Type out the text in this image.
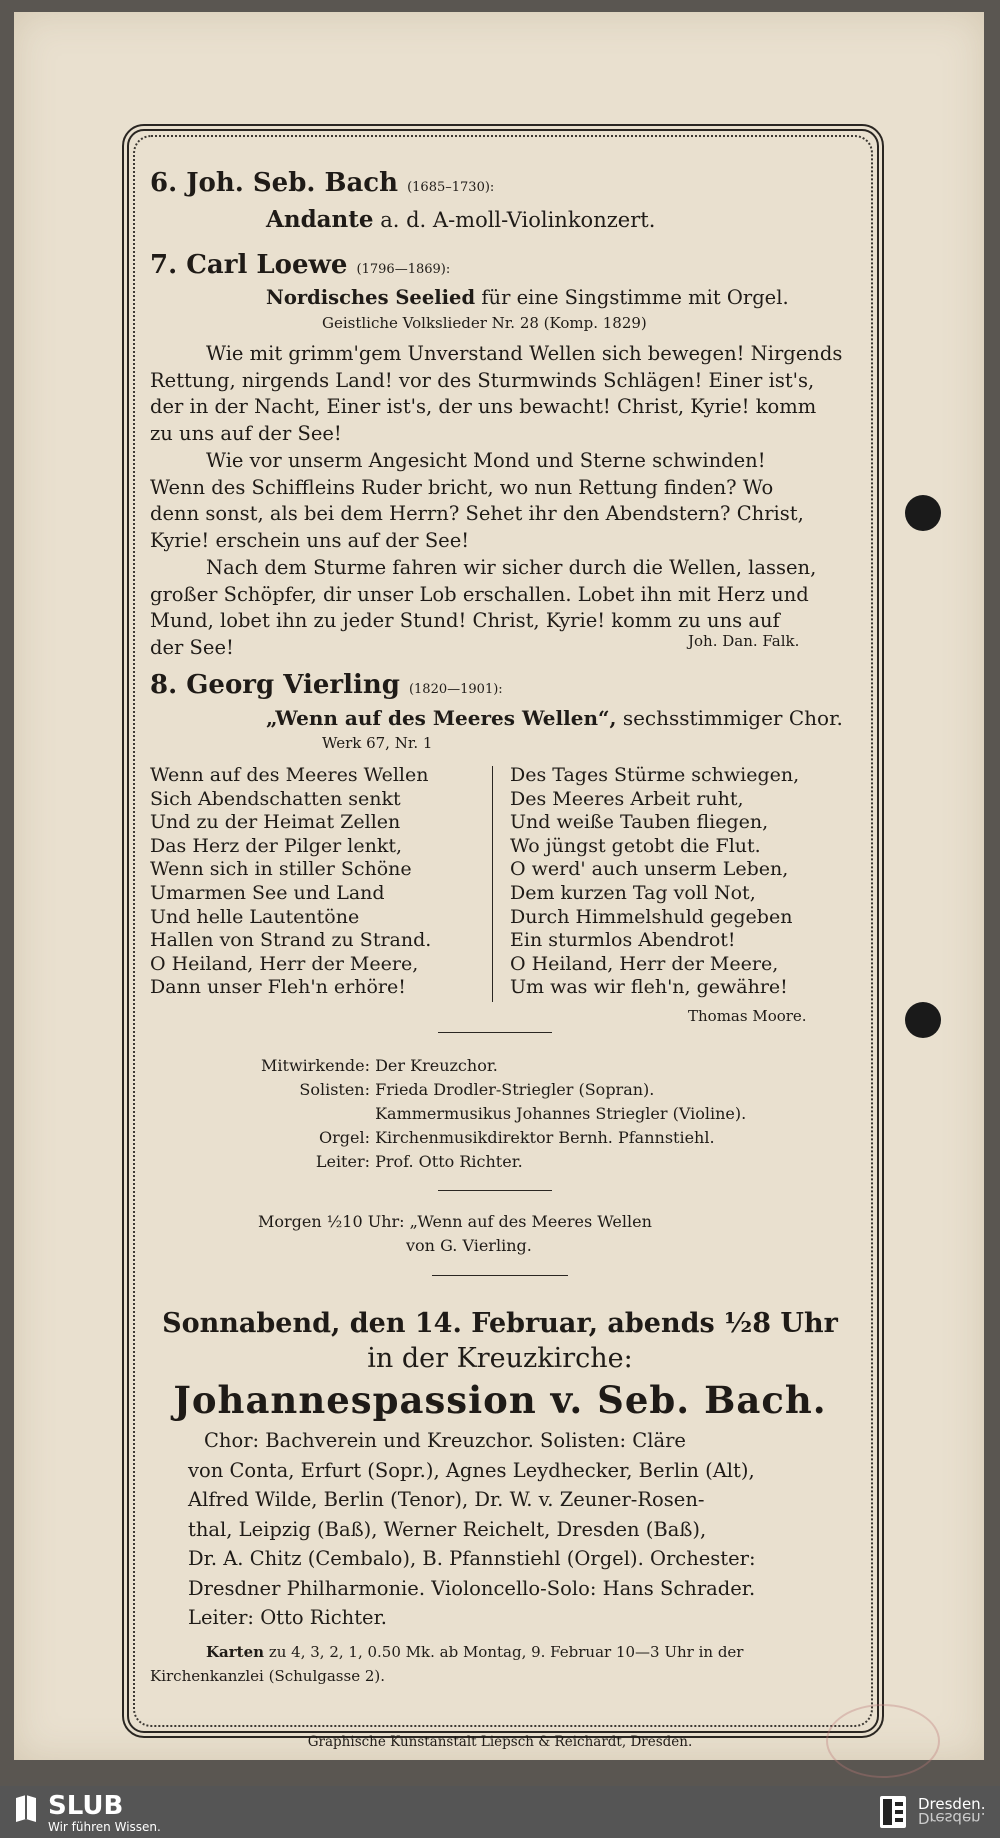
6. Joh. Seb. Bach (1685–1730):
Andante a. d. A-moll-Violinkonzert.
7. Carl Loewe (1796—1869):
Nordisches Seelied für eine Singstimme mit Orgel.
Geistliche Volkslieder Nr. 28 (Komp. 1829)
Wie mit grimm'gem Unverstand Wellen sich bewegen! Nirgends
Rettung, nirgends Land! vor des Sturmwinds Schlägen! Einer ist's,
der in der Nacht, Einer ist's, der uns bewacht! Christ, Kyrie! komm
zu uns auf der See!
Wie vor unserm Angesicht Mond und Sterne schwinden!
Wenn des Schiffleins Ruder bricht, wo nun Rettung finden? Wo
denn sonst, als bei dem Herrn? Sehet ihr den Abendstern? Christ,
Kyrie! erschein uns auf der See!
Nach dem Sturme fahren wir sicher durch die Wellen, lassen,
großer Schöpfer, dir unser Lob erschallen. Lobet ihn mit Herz und
Mund, lobet ihn zu jeder Stund! Christ, Kyrie! komm zu uns auf
der See!	Joh. Dan. Falk.
8. Georg Vierling (1820—1901):
„Wenn auf des Meeres Wellen“, sechsstimmiger Chor.
Werk 67, Nr. 1
Wenn auf des Meeres Wellen
Sich Abendschatten senkt
Und zu der Heimat Zellen
Das Herz der Pilger lenkt,
Wenn sich in stiller Schöne
Umarmen See und Land
Und helle Lautentöne
Hallen von Strand zu Strand.
O Heiland, Herr der Meere,
Dann unser Fleh'n erhöre!
Des Tages Stürme schwiegen,
Des Meeres Arbeit ruht,
Und weiße Tauben fliegen,
Wo jüngst getobt die Flut.
O werd' auch unserm Leben,
Dem kurzen Tag voll Not,
Durch Himmelshuld gegeben
Ein sturmlos Abendrot!
O Heiland, Herr der Meere,
Um was wir fleh'n, gewähre!
Thomas Moore.
Mitwirkende: Der Kreuzchor.
Solisten: Frieda Drodler-Striegler (Sopran).
Kammermusikus Johannes Striegler (Violine).
Orgel: Kirchenmusikdirektor Bernh. Pfannstiehl.
Leiter: Prof. Otto Richter.
Morgen ½10 Uhr: „Wenn auf des Meeres Wellen
von G. Vierling.
Sonnabend, den 14. Februar, abends ½8 Uhr
in der Kreuzkirche:
Johannespassion v. Seb. Bach.
Chor: Bachverein und Kreuzchor. Solisten: Cläre
von Conta, Erfurt (Sopr.), Agnes Leydhecker, Berlin (Alt),
Alfred Wilde, Berlin (Tenor), Dr. W. v. Zeuner-Rosen-
thal, Leipzig (Baß), Werner Reichelt, Dresden (Baß),
Dr. A. Chitz (Cembalo), B. Pfannstiehl (Orgel). Orchester:
Dresdner Philharmonie. Violoncello-Solo: Hans Schrader.
Leiter: Otto Richter.
Karten zu 4, 3, 2, 1, 0.50 Mk. ab Montag, 9. Februar 10—3 Uhr in der
Kirchenkanzlei (Schulgasse 2).
Graphische Kunstanstalt Liepsch & Reichardt, Dresden.
SLUB
Wir führen Wissen.
Dresden.
Dresden.
